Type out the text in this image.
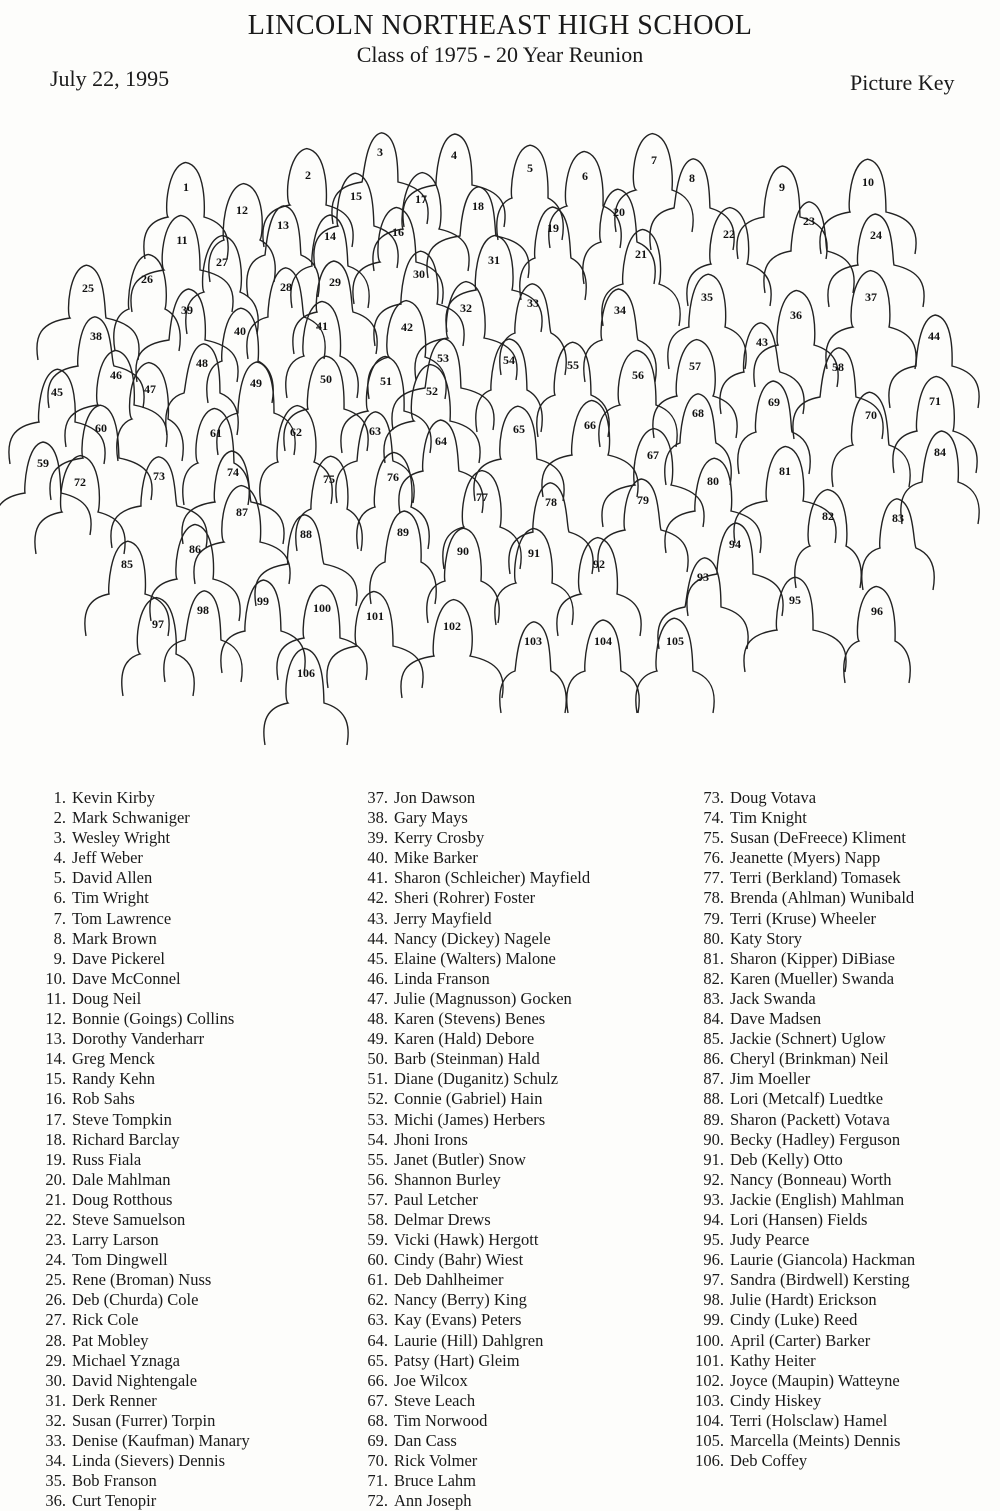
LINCOLN NORTHEAST HIGH SCHOOL
Class of 1975 - 20 Year Reunion
July 22, 1995	Picture Key
1
2
3	4
5
6
7
8
9	10
11
12
13
14
15
16
17	18
19
20
21
22
23
24
25
26
27
28	29
30
31
32	33	34
35
36
37
38
39
40	41	42
43	44
45
46
47
48
49	50	51
52
53	54	55
56
57	58
59
60	61	62	63
64
65	66
67
68
69
70
71
72	73	74	75	76
77	78	79
80
81
82	83
84
85
86
87
88	89
90	91
92
93
94
95
96
97
98
99	100
101
102
103	104	105
106
1. Kevin Kirby
2. Mark Schwaniger
3. Wesley Wright
4. Jeff Weber
5. David Allen
6. Tim Wright
7. Tom Lawrence
8. Mark Brown
9. Dave Pickerel
10. Dave McConnel
11. Doug Neil
12. Bonnie (Goings) Collins
13. Dorothy Vanderharr
14. Greg Menck
15. Randy Kehn
16. Rob Sahs
17. Steve Tompkin
18. Richard Barclay
19. Russ Fiala
20. Dale Mahlman
21. Doug Rotthous
22. Steve Samuelson
23. Larry Larson
24. Tom Dingwell
25. Rene (Broman) Nuss
26. Deb (Churda) Cole
27. Rick Cole
28. Pat Mobley
29. Michael Yznaga
30. David Nightengale
31. Derk Renner
32. Susan (Furrer) Torpin
33. Denise (Kaufman) Manary
34. Linda (Sievers) Dennis
35. Bob Franson
36. Curt Tenopir
37. Jon Dawson
38. Gary Mays
39. Kerry Crosby
40. Mike Barker
41. Sharon (Schleicher) Mayfield
42. Sheri (Rohrer) Foster
43. Jerry Mayfield
44. Nancy (Dickey) Nagele
45. Elaine (Walters) Malone
46. Linda Franson
47. Julie (Magnusson) Gocken
48. Karen (Stevens) Benes
49. Karen (Hald) Debore
50. Barb (Steinman) Hald
51. Diane (Duganitz) Schulz
52. Connie (Gabriel) Hain
53. Michi (James) Herbers
54. Jhoni Irons
55. Janet (Butler) Snow
56. Shannon Burley
57. Paul Letcher
58. Delmar Drews
59. Vicki (Hawk) Hergott
60. Cindy (Bahr) Wiest
61. Deb Dahlheimer
62. Nancy (Berry) King
63. Kay (Evans) Peters
64. Laurie (Hill) Dahlgren
65. Patsy (Hart) Gleim
66. Joe Wilcox
67. Steve Leach
68. Tim Norwood
69. Dan Cass
70. Rick Volmer
71. Bruce Lahm
72. Ann Joseph
73. Doug Votava
74. Tim Knight
75. Susan (DeFreece) Kliment
76. Jeanette (Myers) Napp
77. Terri (Berkland) Tomasek
78. Brenda (Ahlman) Wunibald
79. Terri (Kruse) Wheeler
80. Katy Story
81. Sharon (Kipper) DiBiase
82. Karen (Mueller) Swanda
83. Jack Swanda
84. Dave Madsen
85. Jackie (Schnert) Uglow
86. Cheryl (Brinkman) Neil
87. Jim Moeller
88. Lori (Metcalf) Luedtke
89. Sharon (Packett) Votava
90. Becky (Hadley) Ferguson
91. Deb (Kelly) Otto
92. Nancy (Bonneau) Worth
93. Jackie (English) Mahlman
94. Lori (Hansen) Fields
95. Judy Pearce
96. Laurie (Giancola) Hackman
97. Sandra (Birdwell) Kersting
98. Julie (Hardt) Erickson
99. Cindy (Luke) Reed
100. April (Carter) Barker
101. Kathy Heiter
102. Joyce (Maupin) Watteyne
103. Cindy Hiskey
104. Terri (Holsclaw) Hamel
105. Marcella (Meints) Dennis
106. Deb Coffey
